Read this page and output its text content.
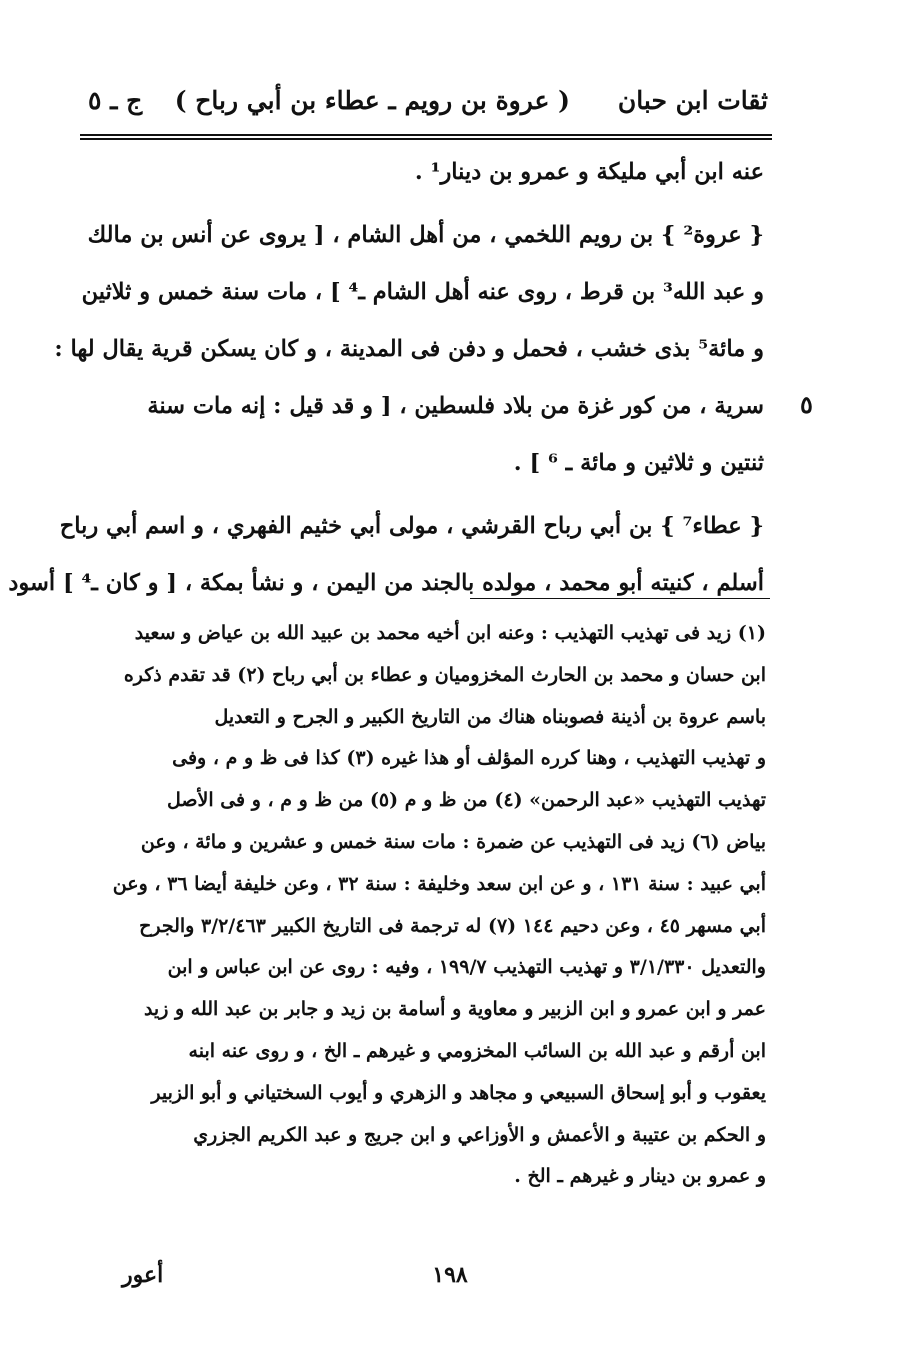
ثقات ابن حبان
( عروة بن رويم ـ عطاء بن أبي رباح )
ج ـ ٥
عنه ابن أبي مليكة و عمرو بن دينار¹ .
{ عروة² } بن رويم اللخمي ، من أهل الشام ، [ يروى عن أنس بن مالك
و عبد الله³ بن قرط ، روى عنه أهل الشام ـ⁴ ] ، مات سنة خمس و ثلاثين
و مائة⁵ بذى خشب ، فحمل و دفن فى المدينة ، و كان يسكن قرية يقال لها :
سرية ، من كور غزة من بلاد فلسطين ، [ و قد قيل : إنه مات سنة
ثنتين و ثلاثين و مائة ـ ⁶ ] .
{ عطاء⁷ } بن أبي رباح القرشي ، مولى أبي خثيم الفهري ، و اسم أبي رباح
أسلم ، كنيته أبو محمد ، مولده بالجند من اليمن ، و نشأ بمكة ، [ و كان ـ⁴ ] أسود
٥
(١) زيد فى تهذيب التهذيب : وعنه ابن أخيه محمد بن عبيد الله بن عياض و سعيد
ابن حسان و محمد بن الحارث المخزوميان و عطاء بن أبي رباح (٢) قد تقدم ذكره
باسم عروة بن أذينة فصوبناه هناك من التاريخ الكبير و الجرح و التعديل
و تهذيب التهذيب ، وهنا كرره المؤلف أو هذا غيره (٣) كذا فى ظ و م ، وفى
تهذيب التهذيب «عبد الرحمن» (٤) من ظ و م (٥) من ظ و م ، و فى الأصل
بياض (٦) زيد فى التهذيب عن ضمرة : مات سنة خمس و عشرين و مائة ، وعن
أبي عبيد : سنة ١٣١ ، و عن ابن سعد وخليفة : سنة ٣٢ ، وعن خليفة أيضا ٣٦ ، وعن
أبي مسهر ٤٥ ، وعن دحيم ١٤٤ (٧) له ترجمة فى التاريخ الكبير ٣/٢/٤٦٣ والجرح
والتعديل ٣/١/٣٣٠ و تهذيب التهذيب ١٩٩/٧ ، وفيه : روى عن ابن عباس و ابن
عمر و ابن عمرو و ابن الزبير و معاوية و أسامة بن زيد و جابر بن عبد الله و زيد
ابن أرقم و عبد الله بن السائب المخزومي و غيرهم ـ الخ ، و روى عنه ابنه
يعقوب و أبو إسحاق السبيعي و مجاهد و الزهري و أيوب السختياني و أبو الزبير
و الحكم بن عتيبة و الأعمش و الأوزاعي و ابن جريج و عبد الكريم الجزري
و عمرو بن دينار و غيرهم ـ الخ .
١٩٨
أعور
